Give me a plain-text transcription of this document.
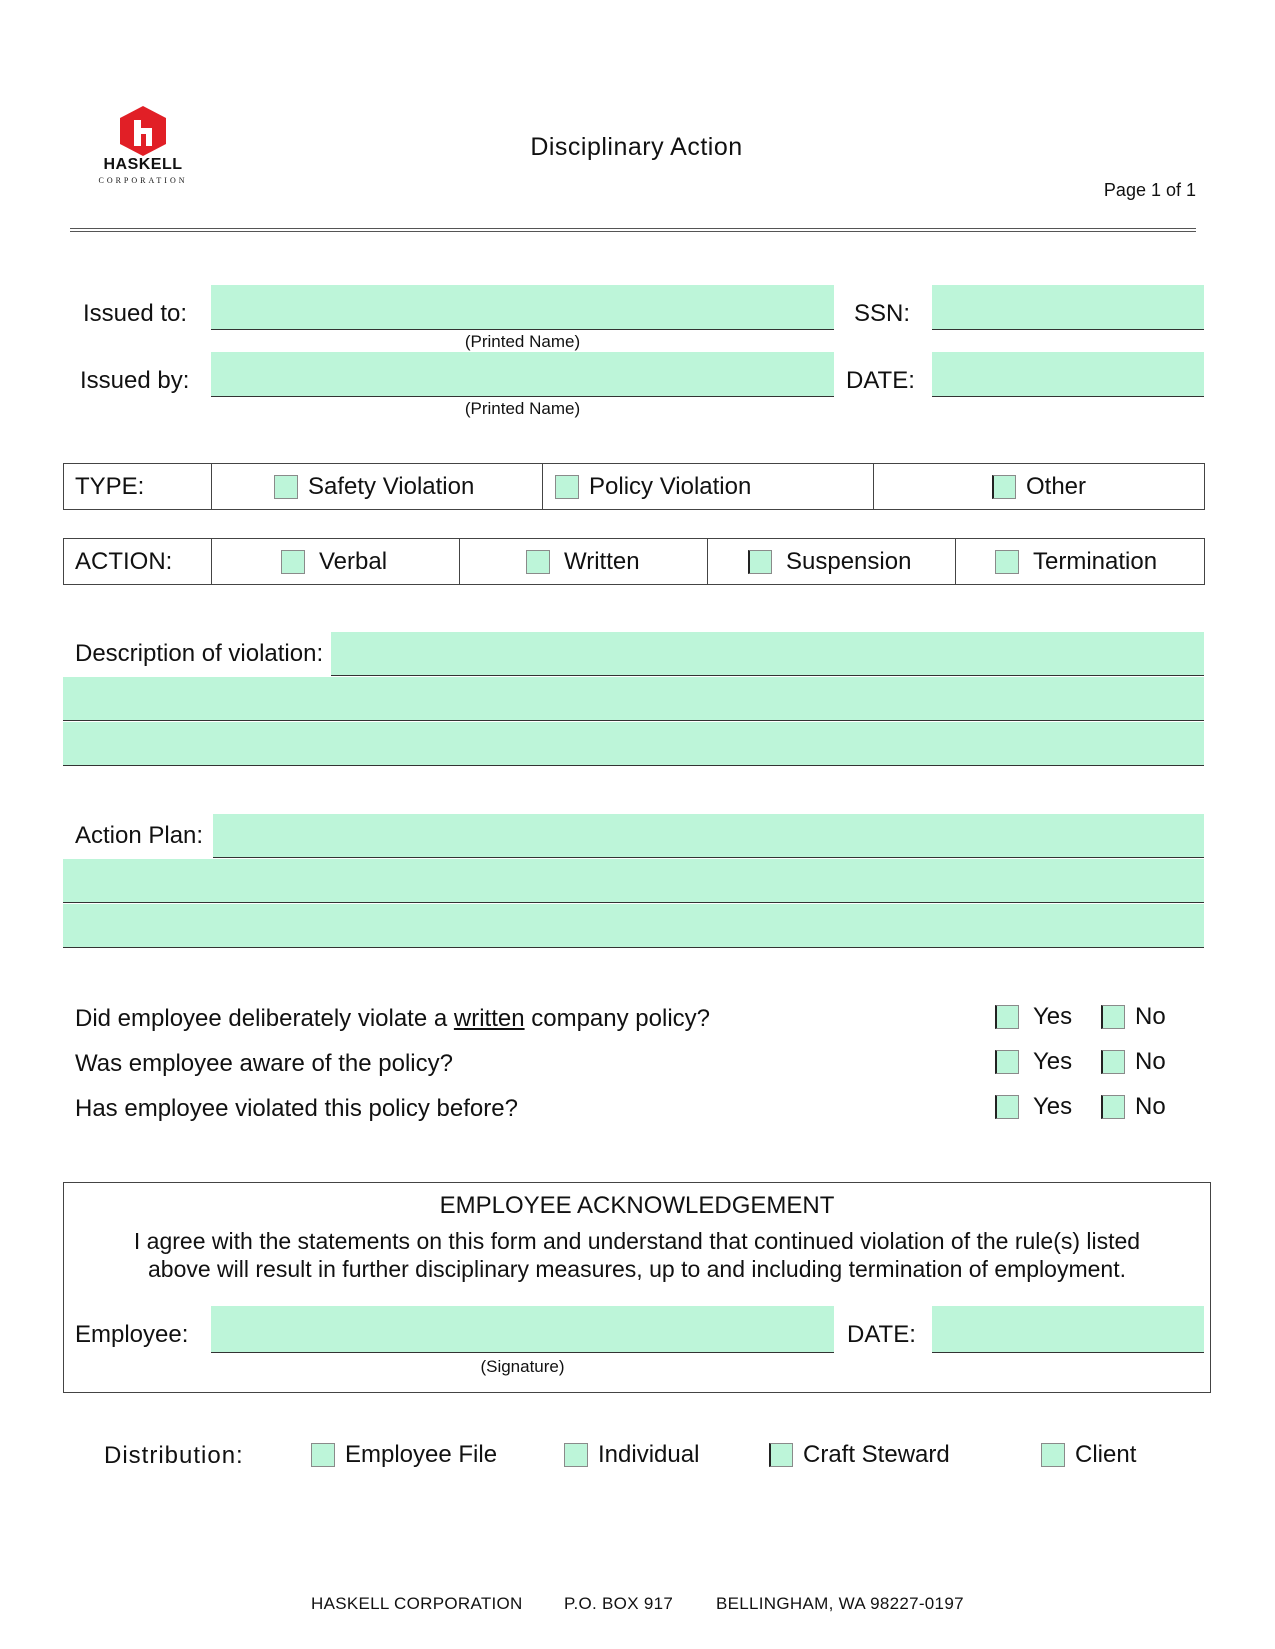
HASKELL
CORPORATION
Disciplinary Action
Page 1 of 1
Issued to:
(Printed Name)
SSN:
Issued by:
(Printed Name)
DATE:
TYPE:	Safety Violation	Policy Violation	Other
ACTION:	Verbal	Written	Suspension	Termination
Description of violation:
Action Plan:
Did employee deliberately violate a written company policy?	Yes	No
Was employee aware of the policy?	Yes	No
Has employee violated this policy before?	Yes	No
EMPLOYEE ACKNOWLEDGEMENT
I agree with the statements on this form and understand that continued violation of the rule(s) listed
above will result in further disciplinary measures, up to and including termination of employment.
Employee:
(Signature)
DATE:
Distribution:	Employee File	Individual	Craft Steward	Client
HASKELL CORPORATION P.O. BOX 917	BELLINGHAM, WA 98227-0197
